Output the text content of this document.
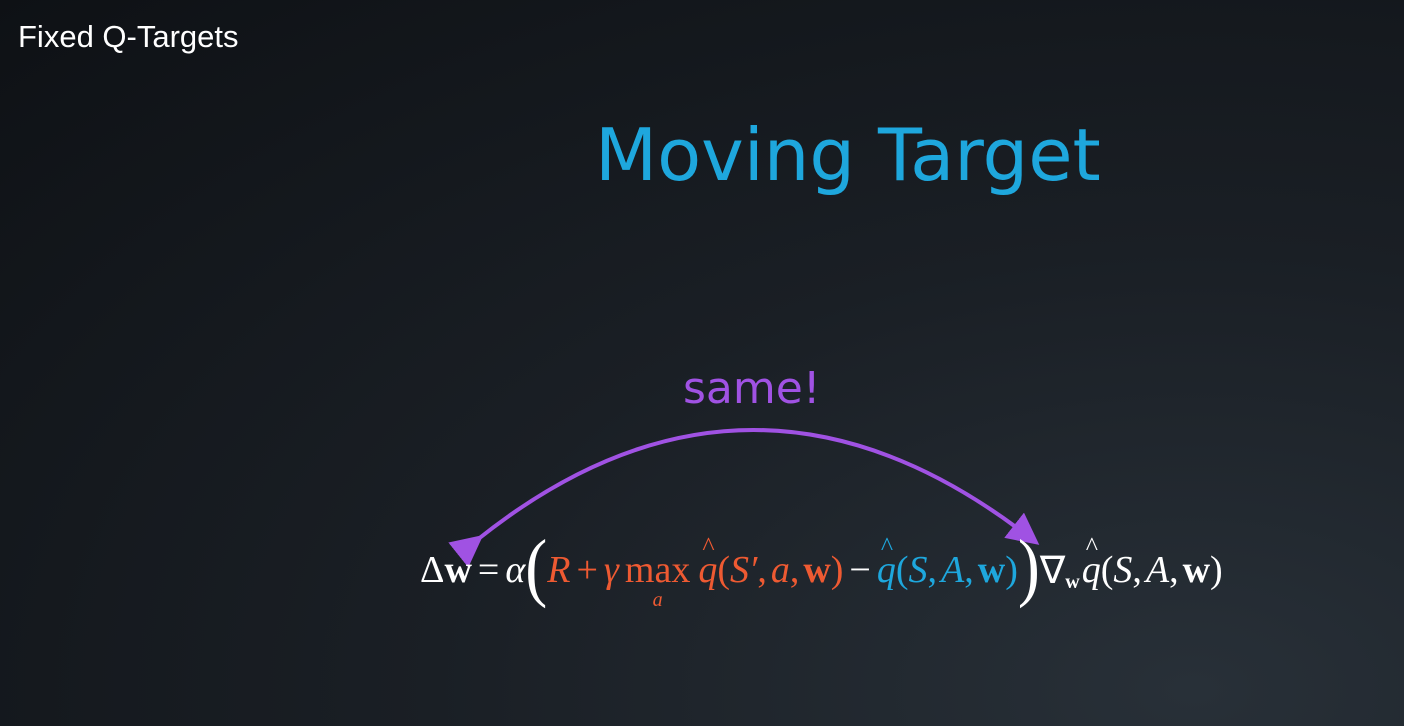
Fixed Q-Targets
Moving Target
same!
Δ w = α ( R + γ max
a
^ q ( S′ , a , w ) − ^ q ( S , A , w ) ) ∇ w ^ q ( S , A , w )
